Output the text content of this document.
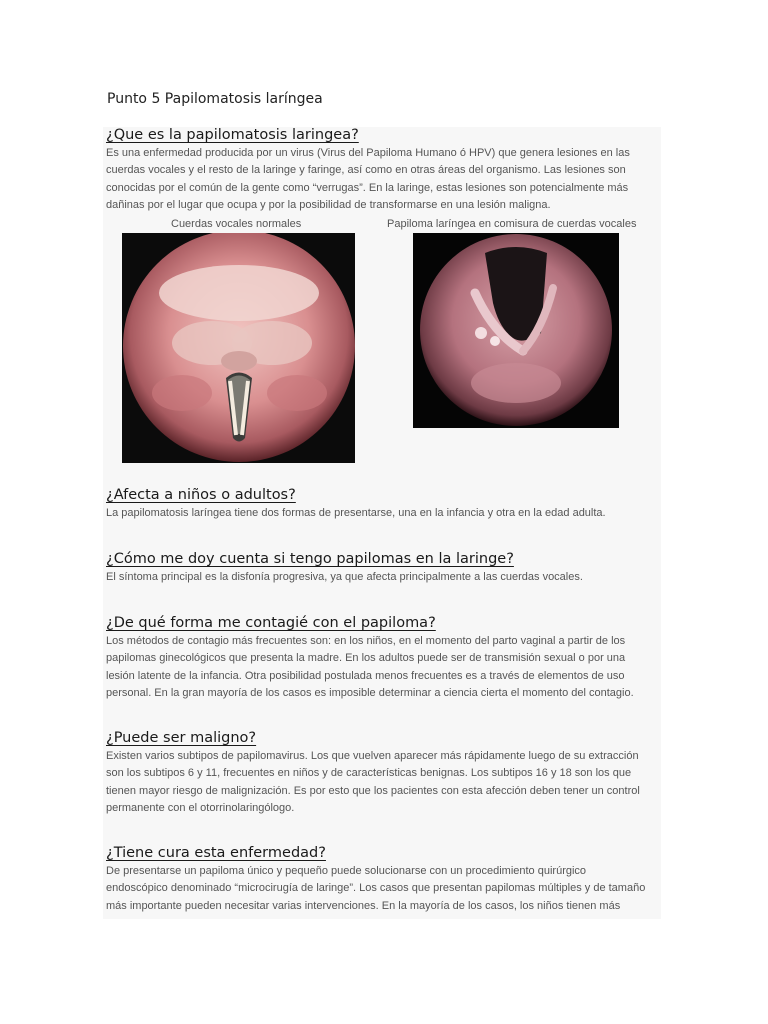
Punto 5 Papilomatosis laríngea

¿Que es la papilomatosis laringea?

Es una enfermedad producida por un virus (Virus del Papiloma Humano ó HPV) que genera lesiones en las
cuerdas vocales y el resto de la laringe y faringe, así como en otras áreas del organismo. Las lesiones son
conocidas por el común de la gente como “verrugas”. En la laringe, estas lesiones son potencialmente más
dañinas por el lugar que ocupa y por la posibilidad de transformarse en una lesión maligna.

Cuerdas vocales normales	Papiloma laríngea en comisura de cuerdas vocales

¿Afecta a niños o adultos?

La papilomatosis laríngea tiene dos formas de presentarse, una en la infancia y otra en la edad adulta.

¿Cómo me doy cuenta si tengo papilomas en la laringe?

El síntoma principal es la disfonía progresiva, ya que afecta principalmente a las cuerdas vocales.

¿De qué forma me contagié con el papiloma?

Los métodos de contagio más frecuentes son: en los niños, en el momento del parto vaginal a partir de los
papilomas ginecológicos que presenta la madre. En los adultos puede ser de transmisión sexual o por una
lesión latente de la infancia. Otra posibilidad postulada menos frecuentes es a través de elementos de uso
personal. En la gran mayoría de los casos es imposible determinar a ciencia cierta el momento del contagio.

¿Puede ser maligno?

Existen varios subtipos de papilomavirus. Los que vuelven aparecer más rápidamente luego de su extracción
son los subtipos 6 y 11, frecuentes en niños y de características benignas. Los subtipos 16 y 18 son los que
tienen mayor riesgo de malignización. Es por esto que los pacientes con esta afección deben tener un control
permanente con el otorrinolaringólogo.

¿Tiene cura esta enfermedad?

De presentarse un papiloma único y pequeño puede solucionarse con un procedimiento quirúrgico
endoscópico denominado “microcirugía de laringe”. Los casos que presentan papilomas múltiples y de tamaño
más importante pueden necesitar varias intervenciones. En la mayoría de los casos, los niños tienen más
